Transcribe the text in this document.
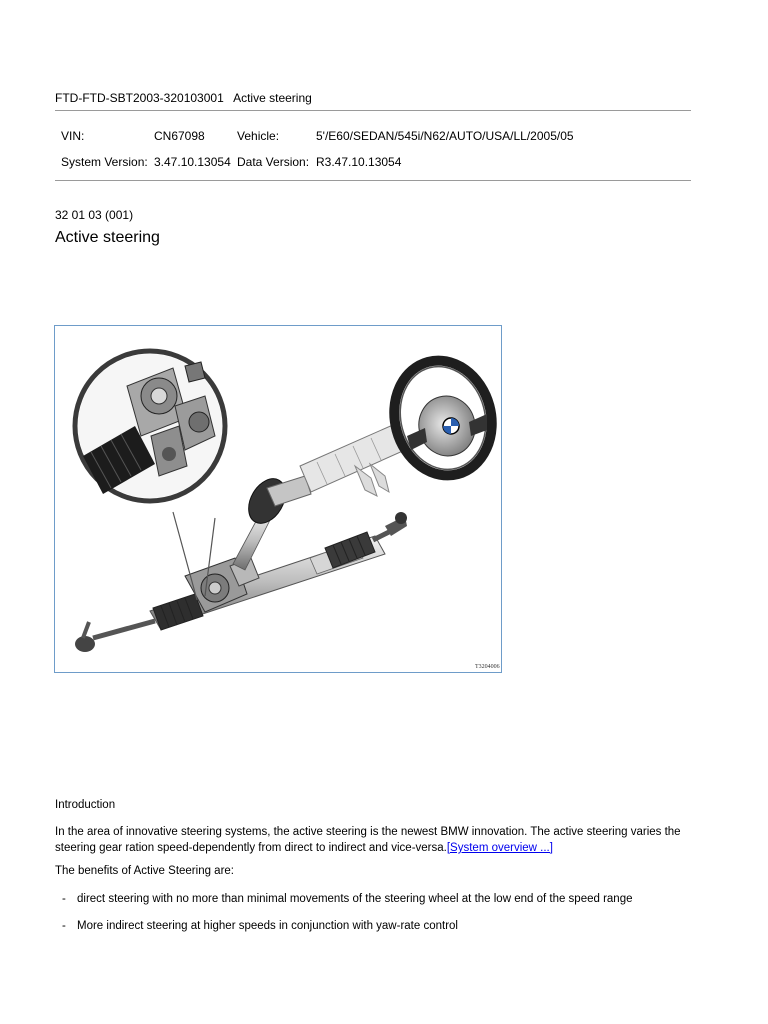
FTD-FTD-SBT2003-320103001 Active steering
VIN:	CN67098	Vehicle:	5'/E60/SEDAN/545i/N62/AUTO/USA/LL/2005/05
System Version: 3.47.10.13054 Data Version: R3.47.10.13054
32 01 03 (001)
Active steering
T3204006
Introduction
In the area of innovative steering systems, the active steering is the newest BMW innovation. The active steering varies the steering gear ration speed-dependently from direct to indirect and vice-versa.[System overview ...]
The benefits of Active Steering are:
- direct steering with no more than minimal movements of the steering wheel at the low end of the speed range
- More indirect steering at higher speeds in conjunction with yaw-rate control
